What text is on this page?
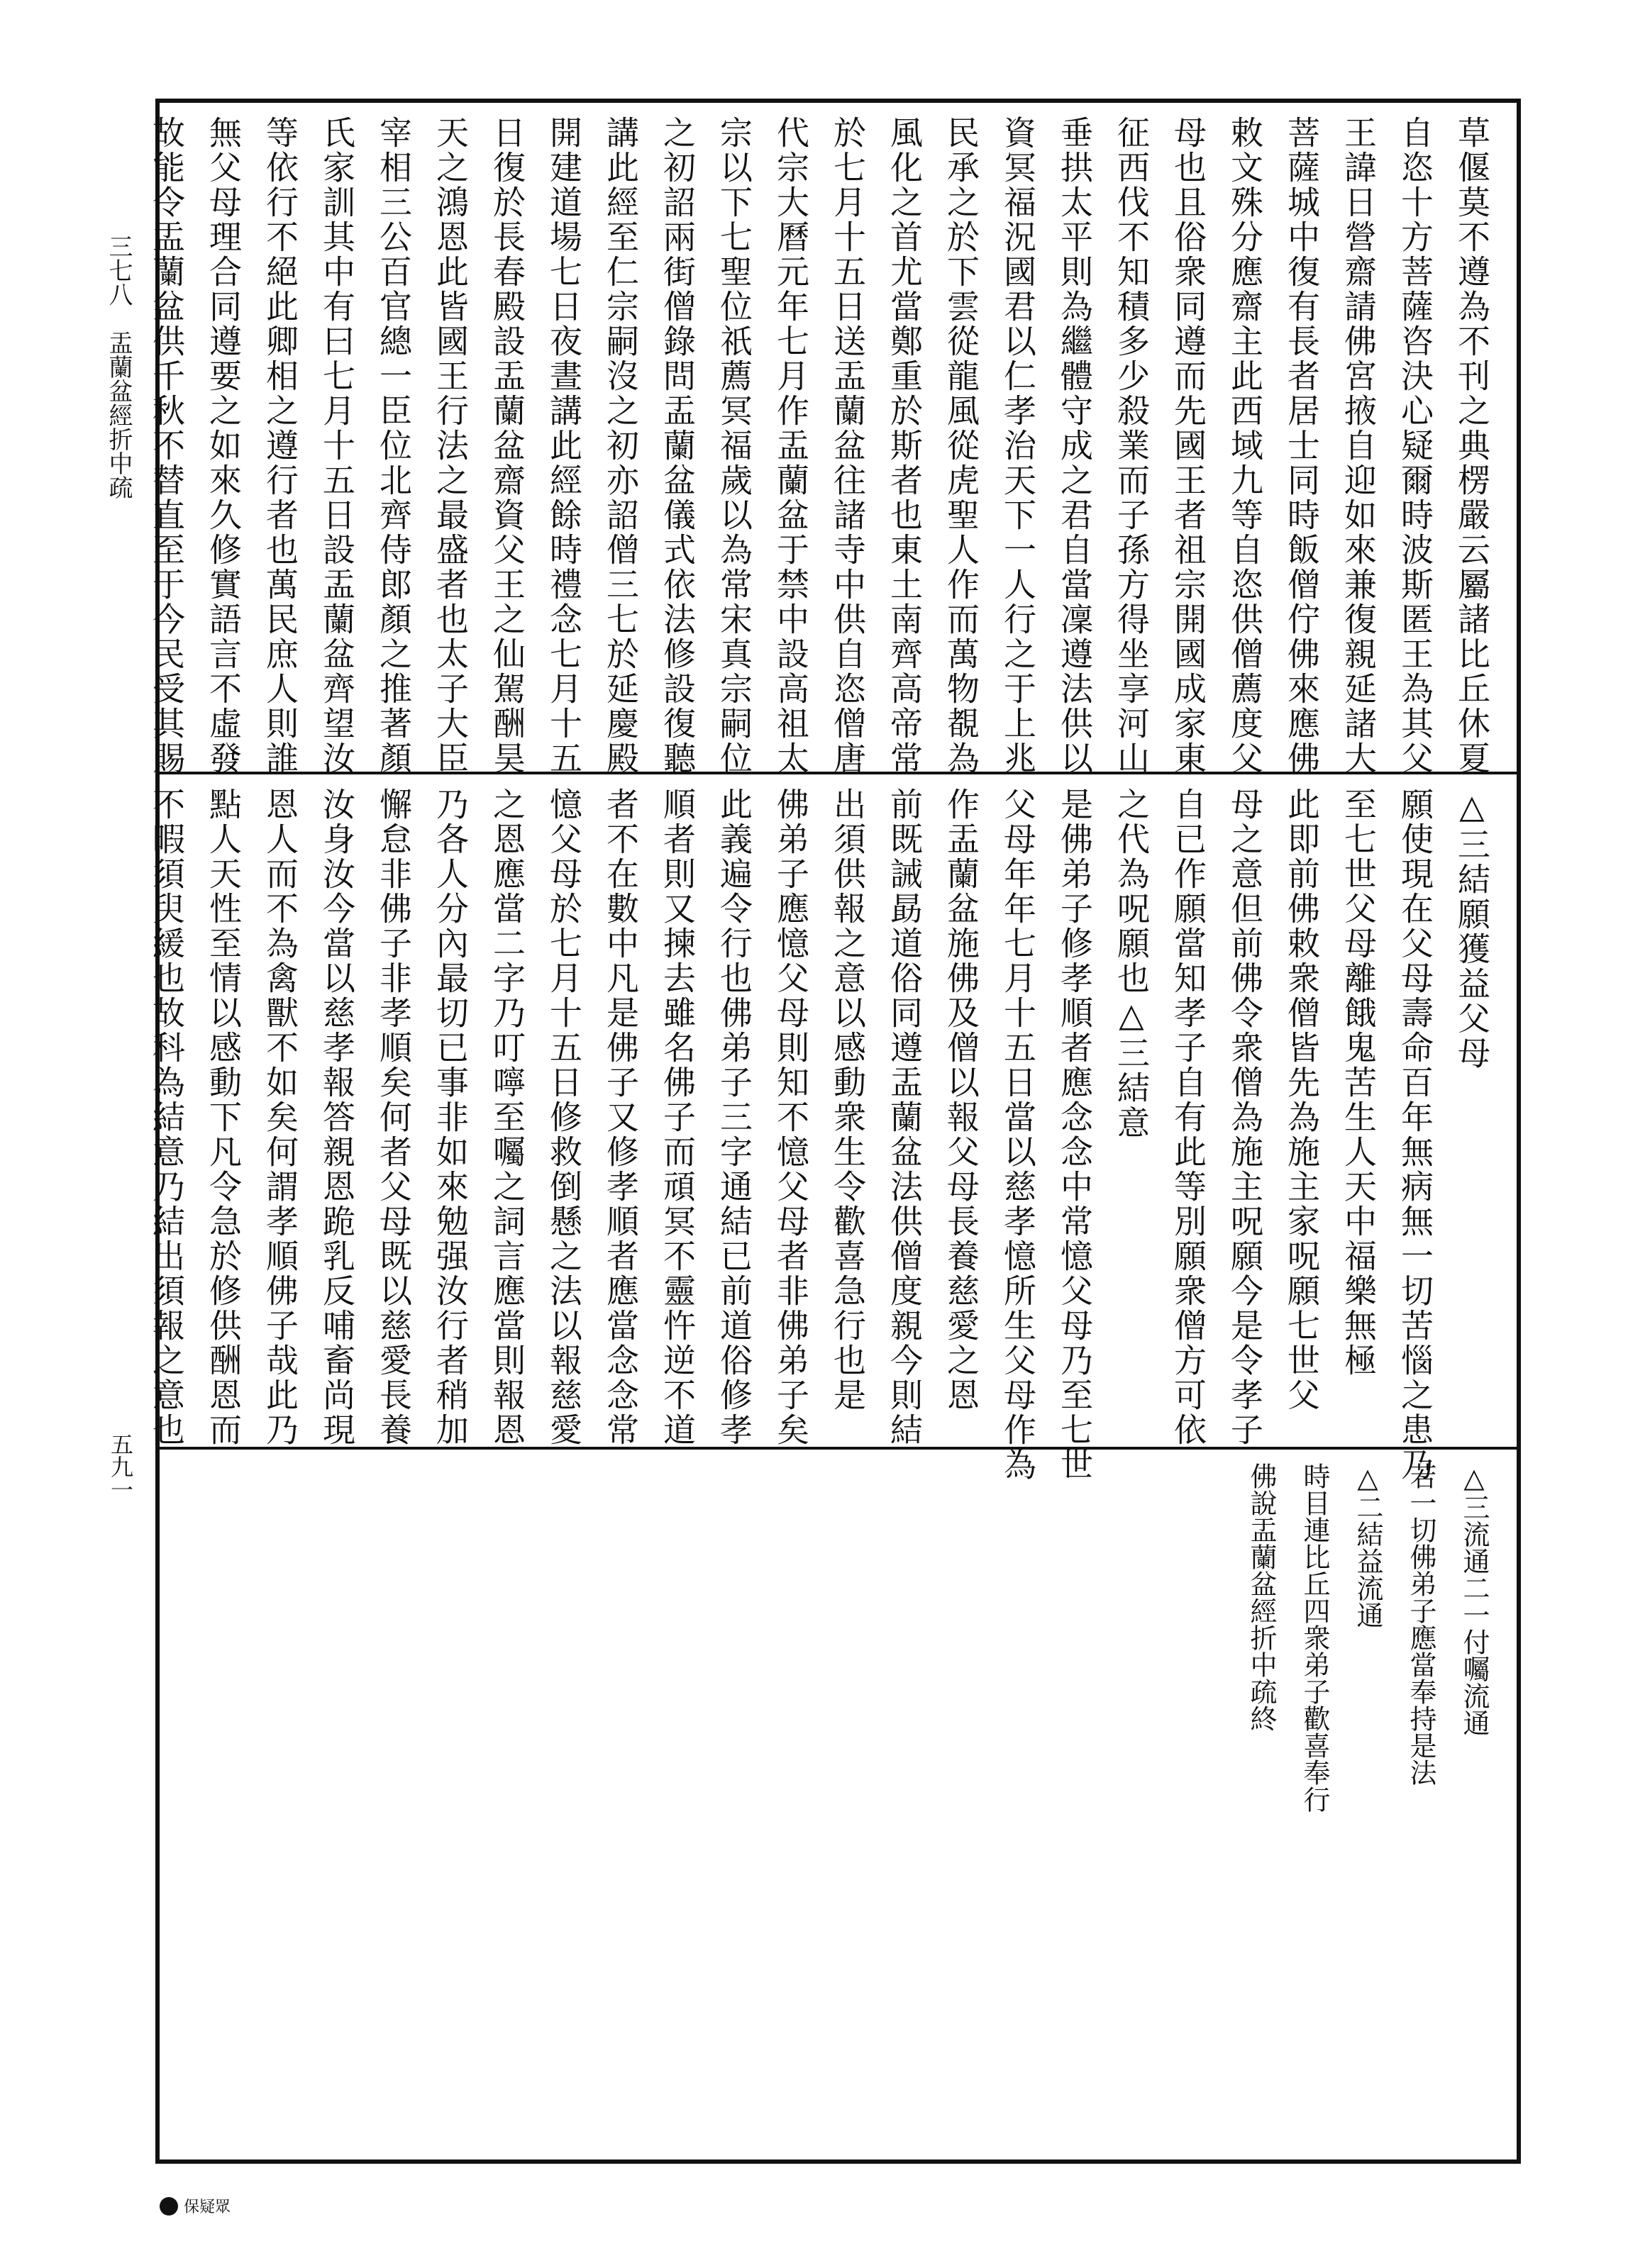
三七八　盂蘭盆經折中疏
五九一
草偃莫不遵為不刊之典楞嚴云屬諸比丘休夏
自恣十方菩薩咨決心疑爾時波斯匿王為其父
王諱日營齋請佛宮掖自迎如來兼復親延諸大
菩薩城中復有長者居士同時飯僧佇佛來應佛
敕文殊分應齋主此西域九等自恣供僧薦度父
母也且俗衆同遵而先國王者祖宗開國成家東
征西伐不知積多少殺業而子孫方得坐享河山
垂拱太平則為繼體守成之君自當凜遵法供以
資冥福況國君以仁孝治天下一人行之于上兆
民承之於下雲從龍風從虎聖人作而萬物覩為
風化之首尤當鄭重於斯者也東土南齊高帝常
於七月十五日送盂蘭盆往諸寺中供自恣僧唐
代宗大曆元年七月作盂蘭盆于禁中設高祖太
宗以下七聖位祇薦冥福歲以為常宋真宗嗣位
之初詔兩街僧錄問盂蘭盆儀式依法修設復聽
講此經至仁宗嗣沒之初亦詔僧三七於延慶殿
開建道場七日夜晝講此經餘時禮念七月十五
日復於長春殿設盂蘭盆齋資父王之仙駕酬昊
天之鴻恩此皆國王行法之最盛者也太子大臣
宰相三公百官總一臣位北齊侍郎顏之推著顏
氏家訓其中有曰七月十五日設盂蘭盆齊望汝
等依行不絕此卿相之遵行者也萬民庶人則誰
無父母理合同遵要之如來久修實語言不虛發
故能令盂蘭盆供千秋不替直至于今民受其賜
△三結願獲益父母
願使現在父母壽命百年無病無一切苦惱之患乃
至七世父母離餓鬼苦生人天中福樂無極
此即前佛敕衆僧皆先為施主家呪願七世父
母之意但前佛令衆僧為施主呪願今是令孝子
自已作願當知孝子自有此等別願衆僧方可依
之代為呪願也△三結意
是佛弟子修孝順者應念念中常憶父母乃至七世
父母年年七月十五日當以慈孝憶所生父母作為
作盂蘭盆施佛及僧以報父母長養慈愛之恩
前既誡勗道俗同遵盂蘭盆法供僧度親今則結
出須供報之意以感動衆生令歡喜急行也是
佛弟子應憶父母則知不憶父母者非佛弟子矣
此義遍令行也佛弟子三字通結已前道俗修孝
順者則又揀去雖名佛子而頑冥不靈忤逆不道
者不在數中凡是佛子又修孝順者應當念念常
憶父母於七月十五日修救倒懸之法以報慈愛
之恩應當二字乃叮嚀至囑之詞言應當則報恩
乃各人分內最切已事非如來勉强汝行者稍加
懈怠非佛子非孝順矣何者父母既以慈愛長養
汝身汝今當以慈孝報答親恩跪乳反哺畜尚現
恩人而不為禽獸不如矣何謂孝順佛子哉此乃
點人天性至情以感動下凡令急於修供酬恩而
不暇須臾緩也故科為結意乃結出須報之意也
△三流通二一付囑流通
若一切佛弟子應當奉持是法
△二結益流通
時目連比丘四衆弟子歡喜奉行
佛說盂蘭盆經折中疏終
保疑眾
